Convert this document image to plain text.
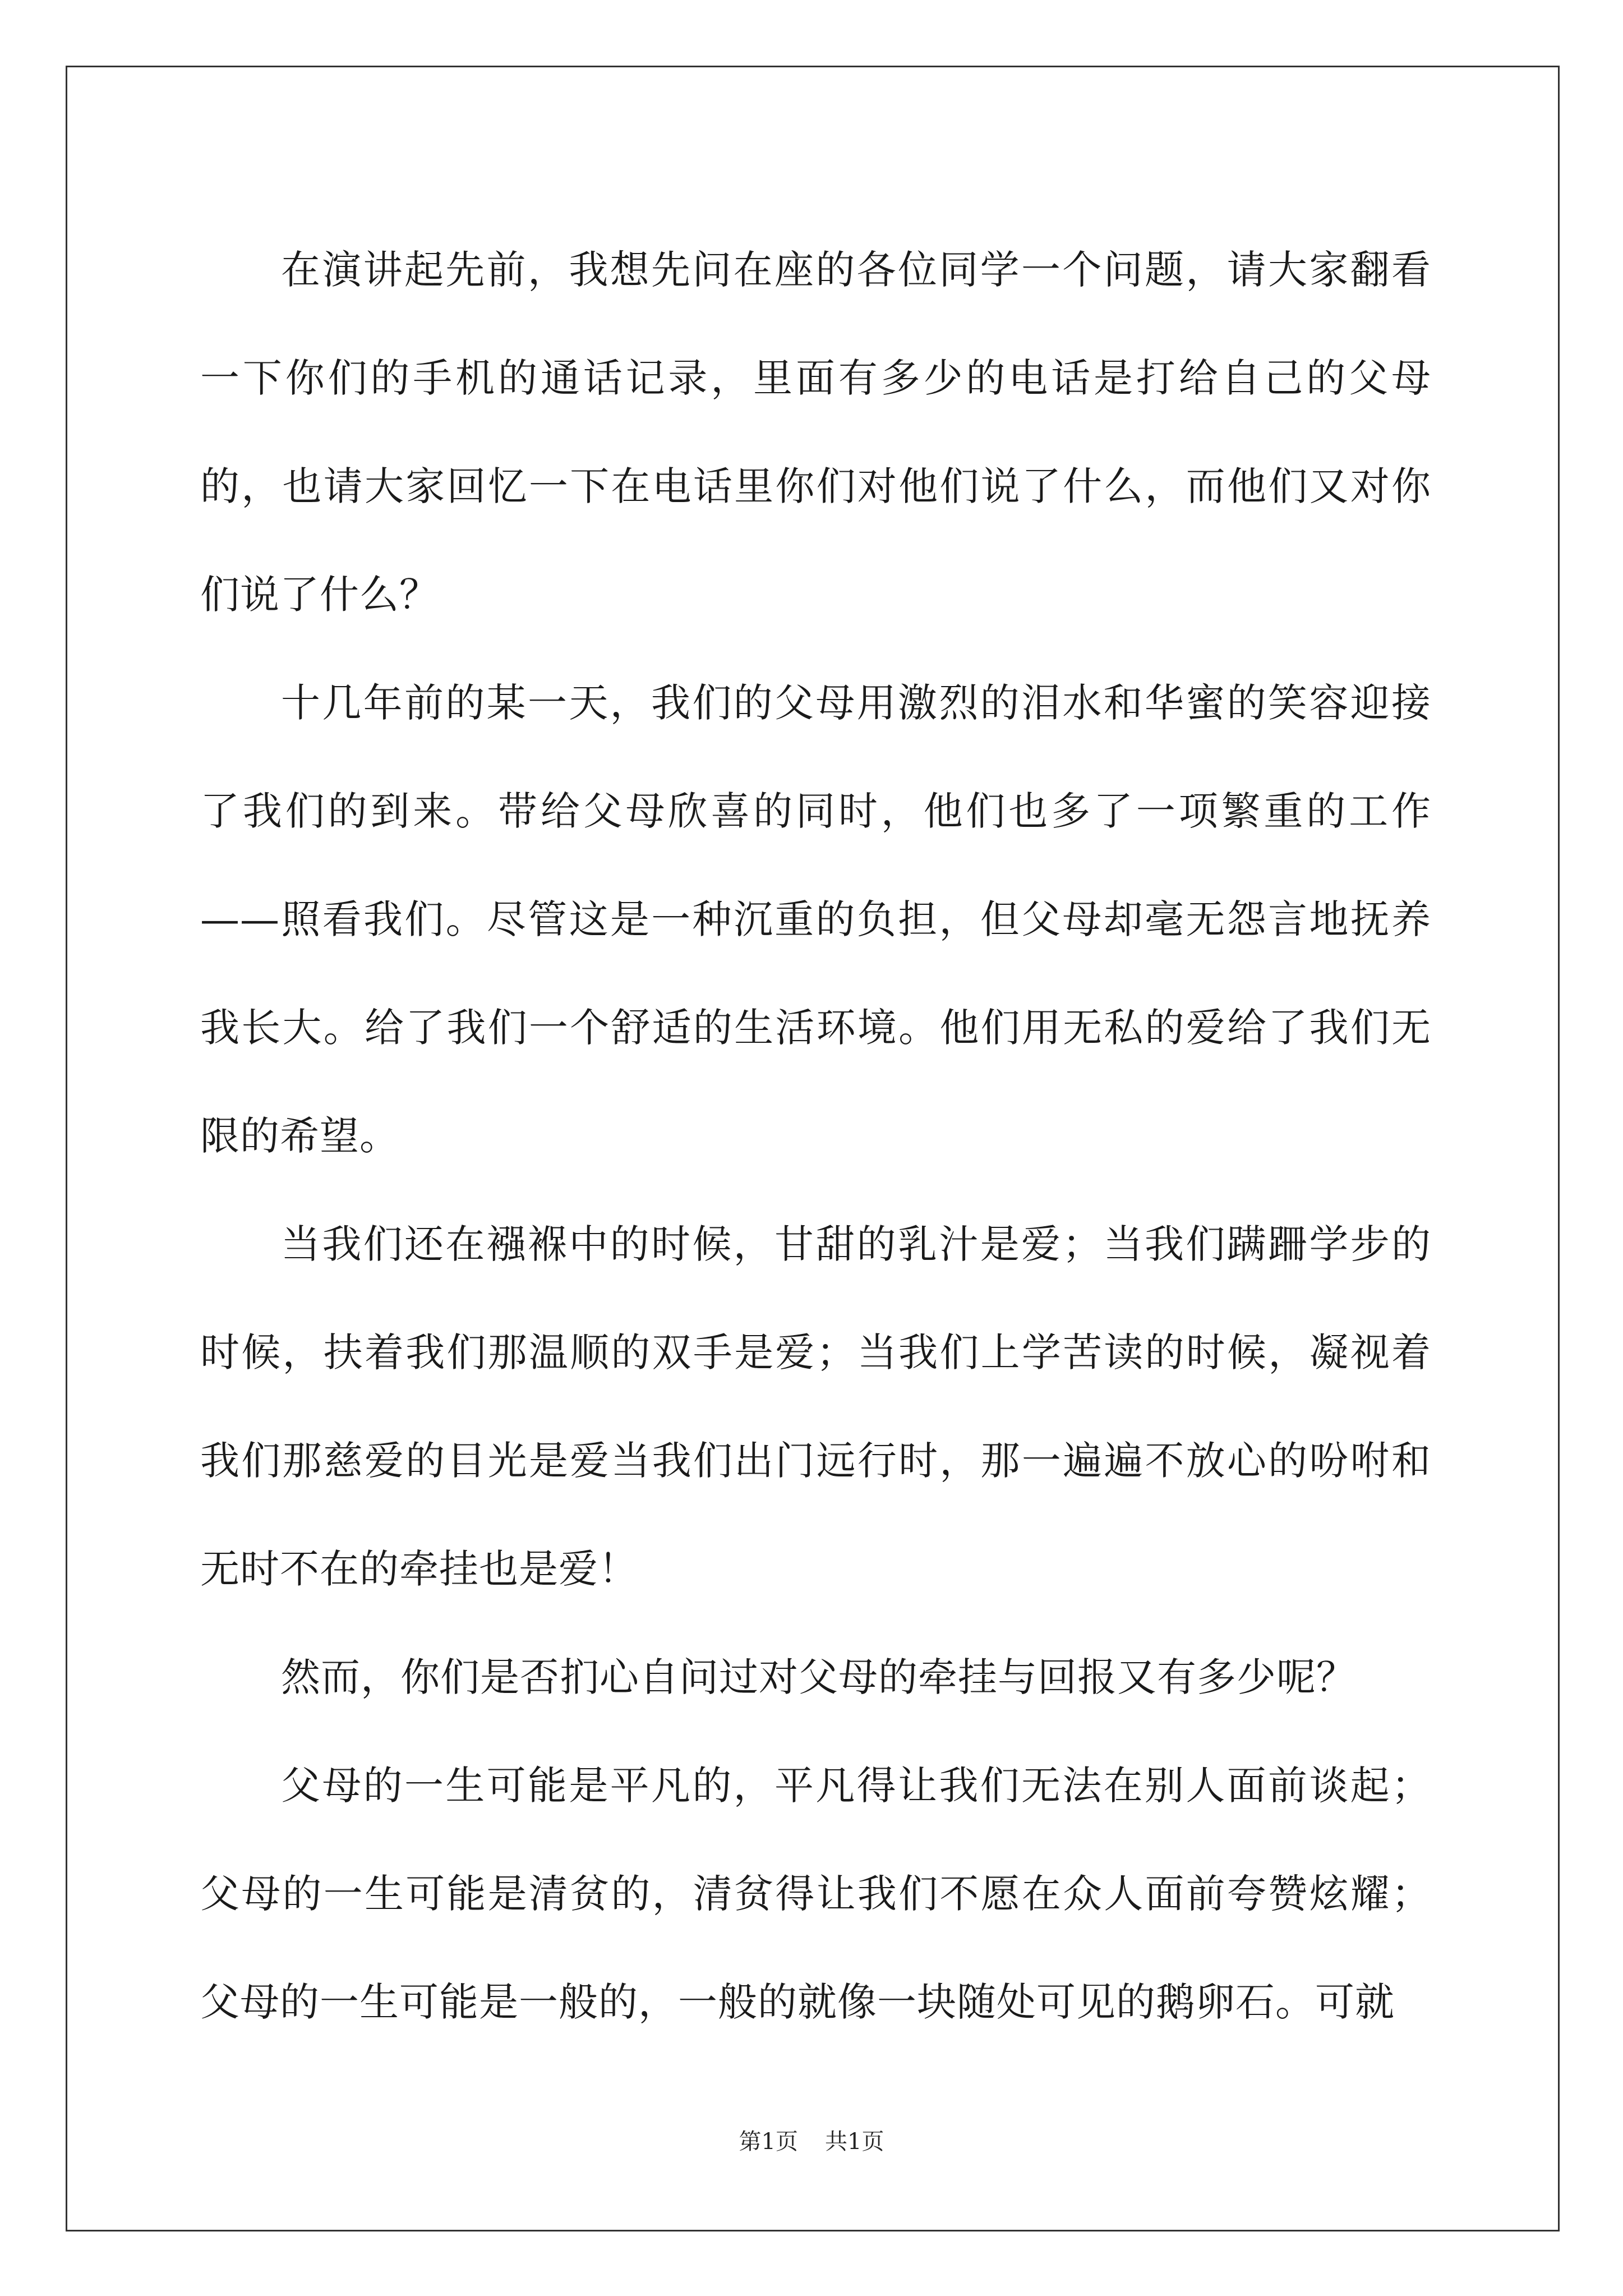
在演讲起先前，我想先问在座的各位同学一个问题，请大家翻看一下你们的手机的通话记录，里面有多少的电话是打给自己的父母的，也请大家回忆一下在电话里你们对他们说了什么，而他们又对你们说了什么？

十几年前的某一天，我们的父母用激烈的泪水和华蜜的笑容迎接了我们的到来。带给父母欣喜的同时，他们也多了一项繁重的工作——照看我们。尽管这是一种沉重的负担，但父母却毫无怨言地抚养我长大。给了我们一个舒适的生活环境。他们用无私的爱给了我们无限的希望。

当我们还在襁褓中的时候，甘甜的乳汁是爱；当我们蹒跚学步的时候，扶着我们那温顺的双手是爱；当我们上学苦读的时候，凝视着我们那慈爱的目光是爱当我们出门远行时，那一遍遍不放心的吩咐和无时不在的牵挂也是爱！

然而，你们是否扪心自问过对父母的牵挂与回报又有多少呢？

父母的一生可能是平凡的，平凡得让我们无法在别人面前谈起；父母的一生可能是清贫的，清贫得让我们不愿在众人面前夸赞炫耀；父母的一生可能是一般的，一般的就像一块随处可见的鹅卵石。可就

第1页 共1页
